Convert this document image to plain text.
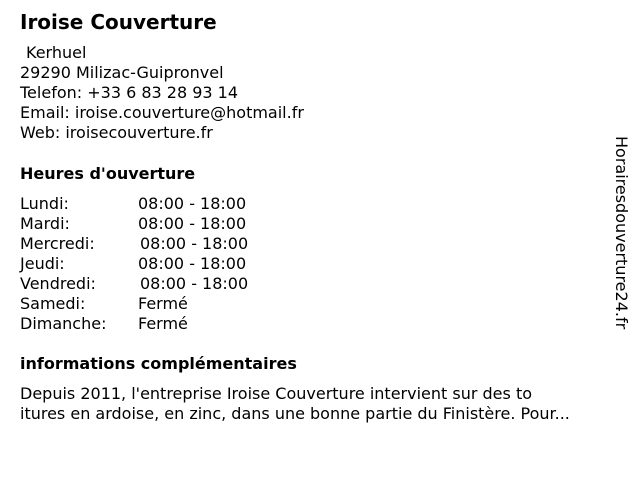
Iroise Couverture
Kerhuel
29290 Milizac-Guipronvel
Telefon: +33 6 83 28 93 14
Email: iroise.couverture@hotmail.fr
Web: iroisecouverture.fr
Heures d'ouverture
Lundi:	08:00 - 18:00
Mardi:	08:00 - 18:00
Mercredi:	08:00 - 18:00
Jeudi:	08:00 - 18:00
Vendredi:	08:00 - 18:00
Samedi:	Fermé
Dimanche: Fermé
informations complémentaires
Depuis 2011, l'entreprise Iroise Couverture intervient sur des to
itures en ardoise, en zinc, dans une bonne partie du Finistère. Pour...
Horairesdouverture24.fr
